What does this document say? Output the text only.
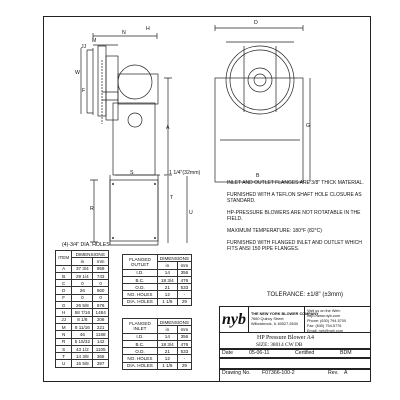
N
M
JJ
H
W
F
D
A	G
B
S
R
T
U
1 1/4"(32mm)
(4)-3/4" DIA. HOLES

INLET AND OUTLET FLANGES ARE 3/8" THICK MATERIAL.

FURNISHED WITH A TEFLON SHAFT HOLE CLOSURE AS STANDARD.

HP-PRESSURE BLOWERS ARE NOT ROTATABLE IN THE FIELD.

MAXIMUM TEMPERATURE: 180°F (82°C)

FURNISHED WITH FLANGED INLET AND OUTLET WHICH FITS ANSI 150 PIPE FLANGES.

TOLERANCE: ±1/8" (±3mm)
ITEM	DIMENSIONS	
	in	mm
A	37 3/4	959
B	29 1/4	743
C	0	0
D	26	660
F	0	0
G	26 5/8	676
H	58 7/16	1484
JJ	8 1/8	206
M	8 11/16	221
N	46	1168
R	5 15/32	142
S	43 1/2	1105
T	14 3/8	365
U	15 5/8	397
FLANGED OUTLET	DIMENSIONS	
	in	mm
I.D.	14	356
B.C.	18 3/4	476
O.D.	21	533
NO. HOLES	12	-
DIA. HOLES	1 1/8	29
FLANGED INLET	DIMENSIONS	
	in	mm
I.D.	14	356
B.C.	18 3/4	476
O.D.	21	533
NO. HOLES	12	-
DIA. HOLES	1 1/8	29
nyb THE NEW YORK BLOWER COMPANY
7660 Quincy Street
Willowbrook, IL 60527-5530
Visit us on the Web:
http://www.nyb.com
Phone: (630) 794-5700
Fax: (630) 794-5776
Email: nyb@nyb.com
HP Pressure Blower A4
SIZE: 38014 CW DB
Date	05-06-11	Certified	BDM
Drawing No. F07366-100-2	Rev. A
